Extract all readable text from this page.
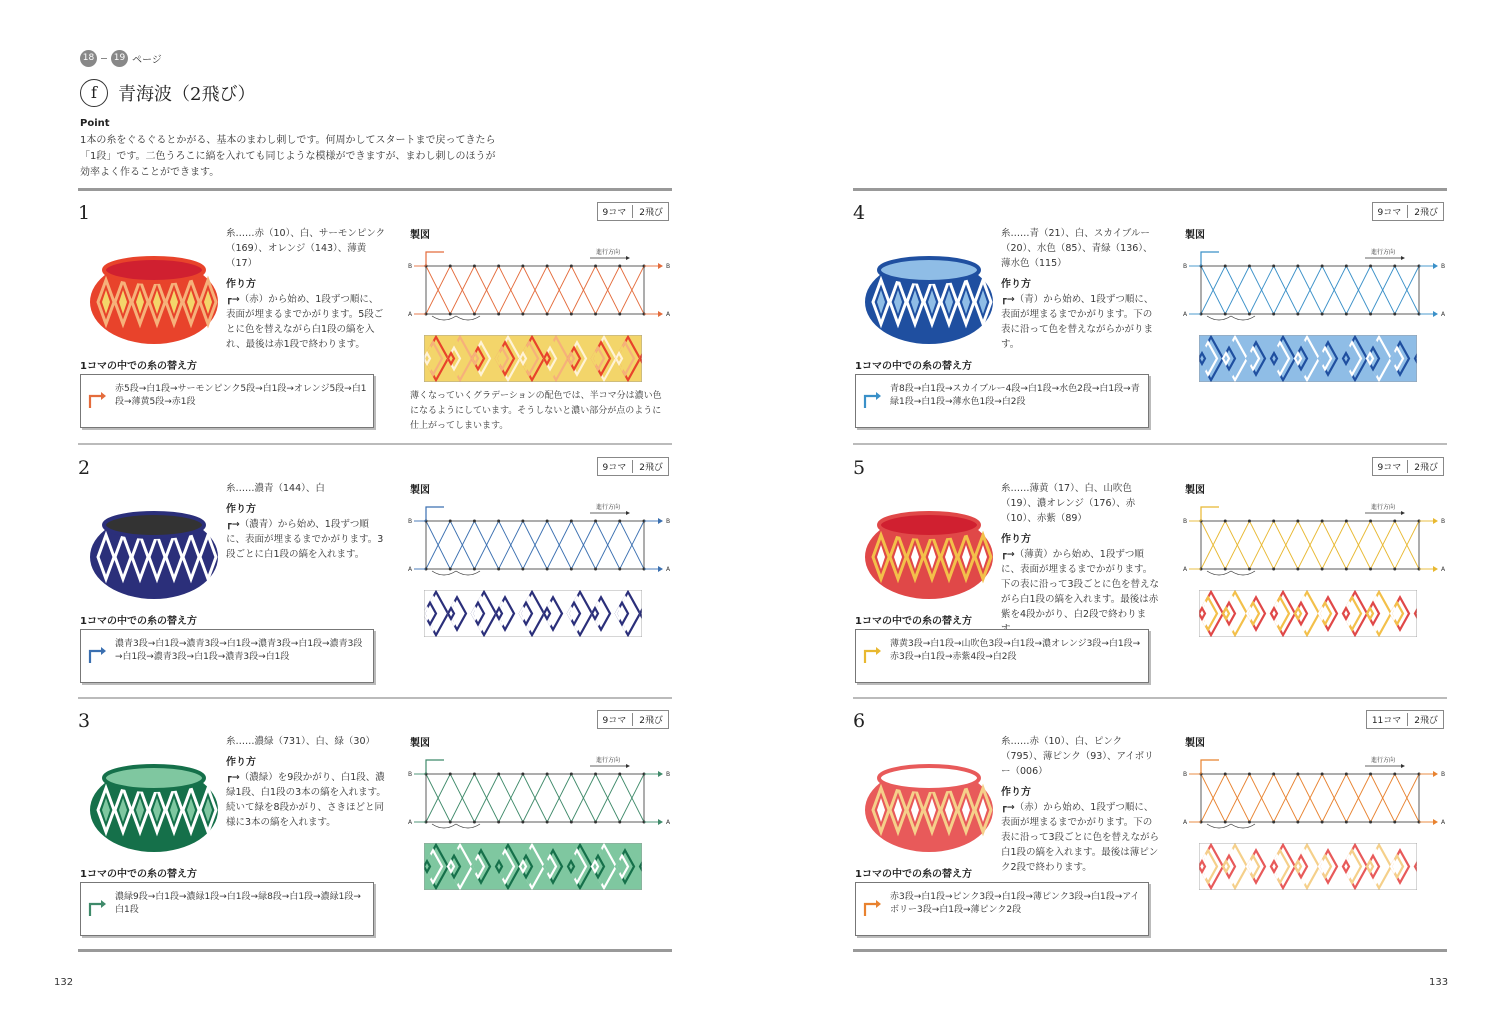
18	19 ページ
f	青海波（2飛び）
Point
1本の糸をぐるぐるとかがる、基本のまわし刺しです。何周かしてスタートまで戻ってきたら「1段」です。二色うろこに縞を入れても同じような模様ができますが、まわし刺しのほうが効率よく作ることができます。
1	9コマ 2飛び
糸……赤（10）、白、サーモンピンク（169）、オレンジ（143）、薄黄（17）
作り方
┏→（赤）から始め、1段ずつ順に、表面が埋まるまでかがります。5段ごとに色を替えながら白1段の縞を入れ、最後は赤1段で終わります。
1コマの中での糸の替え方
赤5段→白1段→サーモンピンク5段→白1段→オレンジ5段→白1段→薄黄5段→赤1段
製図
進行方向
B	B
A	A
薄くなっていくグラデーションの配色では、半コマ分は濃い色になるようにしています。そうしないと濃い部分が点のように仕上がってしまいます。
2	9コマ 2飛び
糸……濃青（144）、白
作り方
┏→（濃青）から始め、1段ずつ順に、表面が埋まるまでかがります。3段ごとに白1段の縞を入れます。
1コマの中での糸の替え方
濃青3段→白1段→濃青3段→白1段→濃青3段→白1段→濃青3段→白1段→濃青3段→白1段→濃青3段→白1段
製図
進行方向
B	B
A	A
3	9コマ 2飛び
糸……濃緑（731）、白、緑（30）
作り方
┏→（濃緑）を9段かがり、白1段、濃緑1段、白1段の3本の縞を入れます。続いて緑を8段かがり、さきほどと同様に3本の縞を入れます。
1コマの中での糸の替え方
濃緑9段→白1段→濃緑1段→白1段→緑8段→白1段→濃緑1段→白1段
製図
進行方向
B	B
A	A
4	9コマ 2飛び
糸……青（21）、白、スカイブルー（20）、水色（85）、青緑（136）、薄水色（115）
作り方
┏→（青）から始め、1段ずつ順に、表面が埋まるまでかがります。下の表に沿って色を替えながらかがります。
1コマの中での糸の替え方
青8段→白1段→スカイブルー4段→白1段→水色2段→白1段→青緑1段→白1段→薄水色1段→白2段
製図
進行方向
B	B
A	A
5	9コマ 2飛び
糸……薄黄（17）、白、山吹色（19）、濃オレンジ（176）、赤（10）、赤紫（89）
作り方
┏→（薄黄）から始め、1段ずつ順に、表面が埋まるまでかがります。下の表に沿って3段ごとに色を替えながら白1段の縞を入れます。最後は赤紫を4段かがり、白2段で終わりま
1コマの中での糸の替え方
薄黄3段→白1段→山吹色3段→白1段→濃オレンジ3段→白1段→赤3段→白1段→赤紫4段→白2段
製図
進行方向
B	B
A	A
6	11コマ 2飛び
糸……赤（10）、白、ピンク（795）、薄ピンク（93）、アイボリー（006）
作り方
┏→（赤）から始め、1段ずつ順に、表面が埋まるまでかがります。下の表に沿って3段ごとに色を替えながら白1段の縞を入れます。最後は薄ピンク2段で終わります。
1コマの中での糸の替え方
赤3段→白1段→ピンク3段→白1段→薄ピンク3段→白1段→アイボリー3段→白1段→薄ピンク2段
製図
進行方向
B	B
A	A
132	133
